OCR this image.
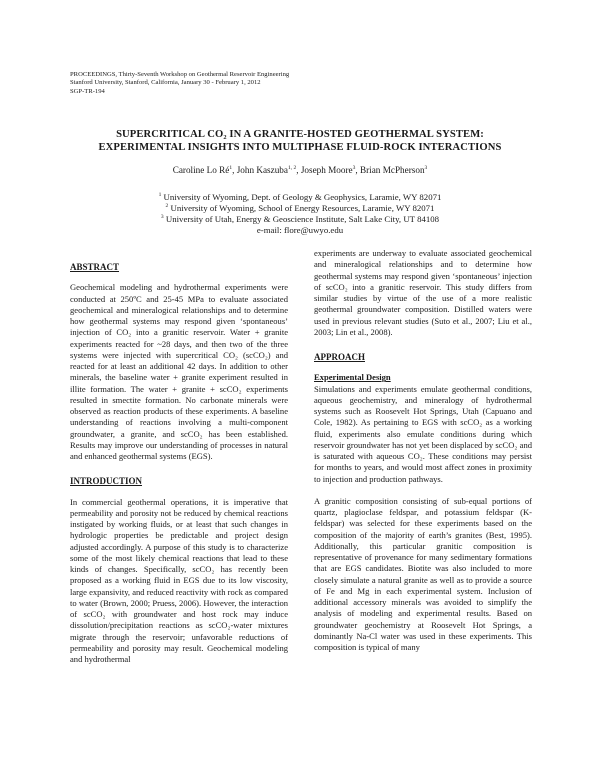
PROCEEDINGS, Thirty-Seventh Workshop on Geothermal Reservoir Engineering
Stanford University, Stanford, California, January 30 - February 1, 2012
SGP-TR-194
SUPERCRITICAL CO₂ IN A GRANITE-HOSTED GEOTHERMAL SYSTEM:
EXPERIMENTAL INSIGHTS INTO MULTIPHASE FLUID-ROCK INTERACTIONS
Caroline Lo $Ré^1$, John Kaszuba$^{1, 2}$, Joseph Moore$^3$, Brian McPherson$^3$
$^1$ University of Wyoming, Dept. of Geology & Geophysics, Laramie, WY 82071
$^2$ University of Wyoming, School of Energy Resources, Laramie, WY 82071
$^3$ University of Utah, Energy & Geoscience Institute, Salt Lake City, UT 84108
e-mail: flore@uwyo.edu
ABSTRACT

Geochemical modeling and hydrothermal experiments were conducted at 250ºC and 25-45 MPa to evaluate associated geochemical and mineralogical relationships and to determine how geothermal systems may respond given ‘spontaneous’ injection of CO₂ into a granitic reservoir. Water + granite experiments reacted for ~28 days, and then two of the three systems were injected with supercritical CO₂ (scCO₂) and reacted for at least an additional 42 days. In addition to other minerals, the baseline water + granite experiment resulted in illite formation. The water + granite + scCO₂ experiments resulted in smectite formation. No carbonate minerals were observed as reaction products of these experiments. A baseline understanding of reactions involving a multi-component groundwater, a granite, and scCO₂ has been established. Results may improve our understanding of processes in natural and enhanced geothermal systems (EGS).

INTRODUCTION

In commercial geothermal operations, it is imperative that permeability and porosity not be reduced by chemical reactions instigated by working fluids, or at least that such changes in hydrologic properties be predictable and project design adjusted accordingly. A purpose of this study is to characterize some of the most likely chemical reactions that lead to these kinds of changes. Specifically, scCO₂ has recently been proposed as a working fluid in EGS due to its low viscosity, large expansivity, and reduced reactivity with rock as compared to water (Brown, 2000; Pruess, 2006). However, the interaction of scCO₂ with groundwater and host rock may induce dissolution/precipitation reactions as scCO₂-water mixtures migrate through the reservoir; unfavorable reductions of permeability and porosity may result. Geochemical modeling and hydrothermal

experiments are underway to evaluate associated geochemical and mineralogical relationships and to determine how geothermal systems may respond given ‘spontaneous’ injection of scCO₂ into a granitic reservoir. This study differs from similar studies by virtue of the use of a more realistic geothermal groundwater composition. Distilled waters were used in previous relevant studies (Suto et al., 2007; Liu et al., 2003; Lin et al., 2008).

APPROACH
Experimental Design

Simulations and experiments emulate geothermal conditions, aqueous geochemistry, and mineralogy of hydrothermal systems such as Roosevelt Hot Springs, Utah (Capuano and Cole, 1982). As pertaining to EGS with scCO₂ as a working fluid, experiments also emulate conditions during which reservoir groundwater has not yet been displaced by scCO₂ and is saturated with aqueous CO₂. These conditions may persist for months to years, and would most affect zones in proximity to injection and production pathways.

A granitic composition consisting of sub-equal portions of quartz, plagioclase feldspar, and potassium feldspar (K-feldspar) was selected for these experiments based on the composition of the majority of earth’s granites (Best, 1995). Additionally, this particular granitic composition is representative of provenance for many sedimentary formations that are EGS candidates. Biotite was also included to more closely simulate a natural granite as well as to provide a source of Fe and Mg in each experimental system. Inclusion of additional accessory minerals was avoided to simplify the analysis of modeling and experimental results. Based on groundwater geochemistry at Roosevelt Hot Springs, a dominantly Na-Cl water was used in these experiments. This composition is typical of many
